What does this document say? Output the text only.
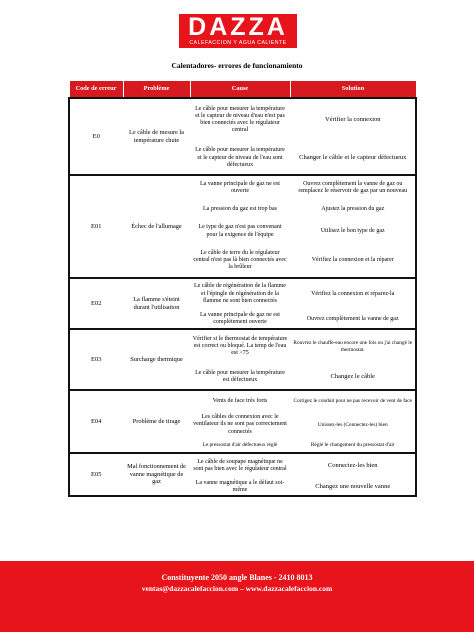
DAZZA
CALEFACCION Y AGUA CALIENTE
Calentadores- errores de funcionamiento
Code de erreur	Problème	Cause	Solution
E0	Le câble de mesure la température chute	Le câble pour mesurer la température et le capteur de niveau d'eau n'est pas bien connectés avec le régulateur central	Vérifier la connexion
		Le câble pour mesurer la température et le capteur de niveau de l'eau sont défectueux	Changer le câble et le capteur défectueux
E01	Échec de l'allumage	La vanne principale de gaz ne est ouverte	Ouvrez complètement la vanne de gaz ou remplacez le réservoir de gaz par un nouveau
		La pression du gaz est trop bas	Ajustez la pression du gaz
		Le type de gaz n'est pas convenant pour la exigence de l'équipe	Utilisez le bon type de gaz
		Le câble de terre du le régulateur central n'est pas là bien connectés avec la brûleur	Vérifiez la connexion et la réparer
E02	La flamme s'éteint durant l'utilisation	Le câble de régénération de la flamme et l'épingle de régénération de la flamme ne sont bien connectés	Vérifiez la connexion et réparez-la
		La vanne principale de gaz ne est complètement ouverte	Ouvrez complètement la vanne de gaz
E03	Surcharge thermique	Vérifier si le thermostat de température est correct ou bloqué. La temp de l'eau est >75	Rouvrez le chauffe-eau encore une fois ou j'ai changé le thermostat.
		Le câble pour mesurer la température est défectueux	Changez le câble
E04	Problème de tirage	Vents de face très forts	Corrigez le conduit pour ne pas recevoir de vent de face
		Les câbles de connexion avec le ventilateur ils ne sont pas correctement connectés	Unissez-les (Connectez-les) bien
		Le pressostat d'air défectueux réglé	Réglé le changement du pressostat d'air
E05	Mal fonctionnement de vanne magnétique de gaz	Le câble de soupape magnétique ne sont pas bien avec le régulateur central	Connectez-les bien
		La vanne magnétique a le défaut soi-même	Changez une nouvelle vanne
Constituyente 2050 angle Blanes - 2410 8013
ventas@dazzacalefaccion.com – www.dazzacalefaccion.com
